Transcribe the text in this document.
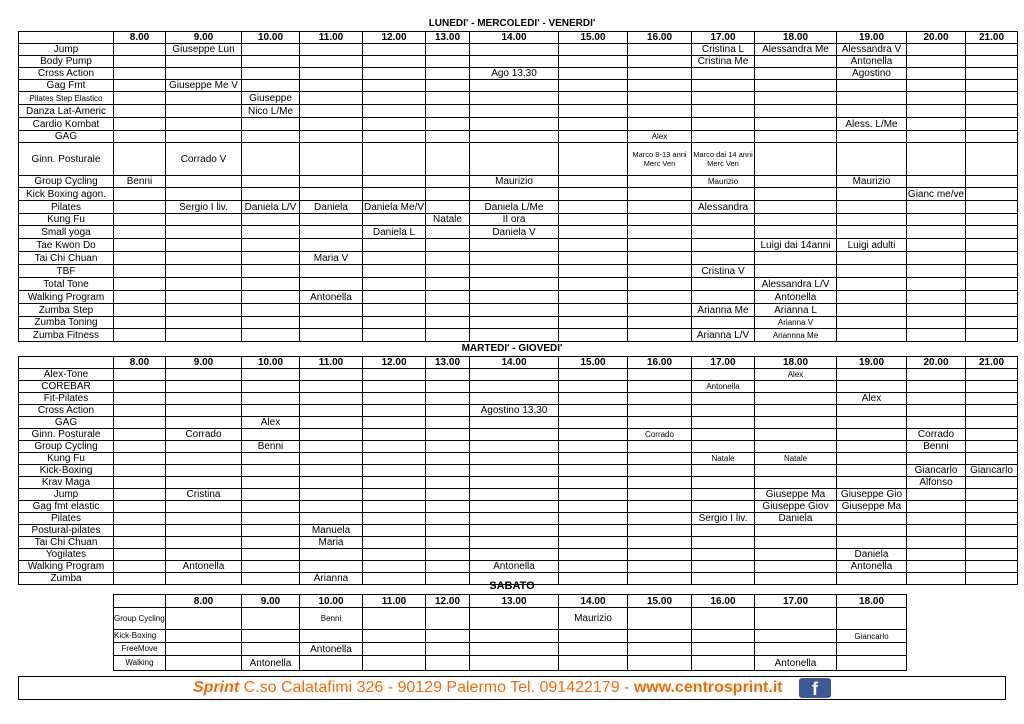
LUNEDI' - MERCOLEDI' - VENERDI'
	8.00	9.00	10.00	11.00	12.00	13.00	14.00	15.00	16.00	17.00	18.00	19.00	20.00	21.00
Jump		Giuseppe Lun								Cristina L	Alessandra Me	Alessandra V		
Body Pump										Cristina Me		Antonella		
Cross Action							Ago 13,30					Agostino		
Gag Fmt		Giuseppe Me V												
Pilates Step Elastico			Giuseppe											
Danza Lat-Americ			Nico L/Me											
Cardio Kombat												Aless. L/Me		
GAG									Alex					
Ginn. Posturale		Corrado V							Marco 8-13 anni Merc Ven	Marco dai 14 anni Merc Ven				
Group Cycling	Benni						Maurizio			Maurizio		Maurizio		
Kick Boxing agon.													Gianc me/ve	
Pilates		Sergio I liv.	Daniela L/V	Daniela	Daniela Me/V		Daniela L/Me			Alessandra				
Kung Fu						Natale	II ora							
Small yoga					Daniela L		Daniela V							
Tae Kwon Do											Luigi dai 14anni	Luigi adulti		
Tai Chi Chuan				Maria V										
TBF										Cristina V				
Total Tone											Alessandra L/V			
Walking Program				Antonella							Antonella			
Zumba Step										Arianna Me	Arianna L			
Zumba Toning											Arianna V			
Zumba Fitness										Arianna L/V	Ariannna Me			
MARTEDI' - GIOVEDI'
	8.00	9.00	10.00	11.00	12.00	13.00	14.00	15.00	16.00	17.00	18.00	19.00	20.00	21.00
Alex-Tone											Alex			
COREBAR										Antonella				
Fit-Pilates												Alex		
Cross Action							Agostino 13,30							
GAG			Alex											
Ginn. Posturale		Corrado							Corrado				Corrado	
Group Cycling			Benni										Benni	
Kung Fu										Natale	Natale			
Kick-Boxing													Giancarlo	Giancarlo
Krav Maga													Alfonso	
Jump		Cristina									Giuseppe Ma	Giuseppe Gio		
Gag fmt elastic											Giuseppe Giov	Giuseppe Ma		
Pilates										Sergio I liv.	Daniela			
Postural-pilates				Manuela										
Tai Chi Chuan				Maria										
Yogilates												Daniela		
Walking Program		Antonella					Antonella					Antonella		
Zumba				Arianna										
SABATO
	8.00	9.00	10.00	11.00	12.00	13.00	14.00	15.00	16.00	17.00	18.00
Group Cycling			Benni				Maurizio				
Kick-Boxing											Giancarlo
FreeMove			Antonella								
Walking		Antonella								Antonella	
Sprint C.so Calatafimi 326 - 90129 Palermo Tel. 091422179 - www.centrosprint.it f
